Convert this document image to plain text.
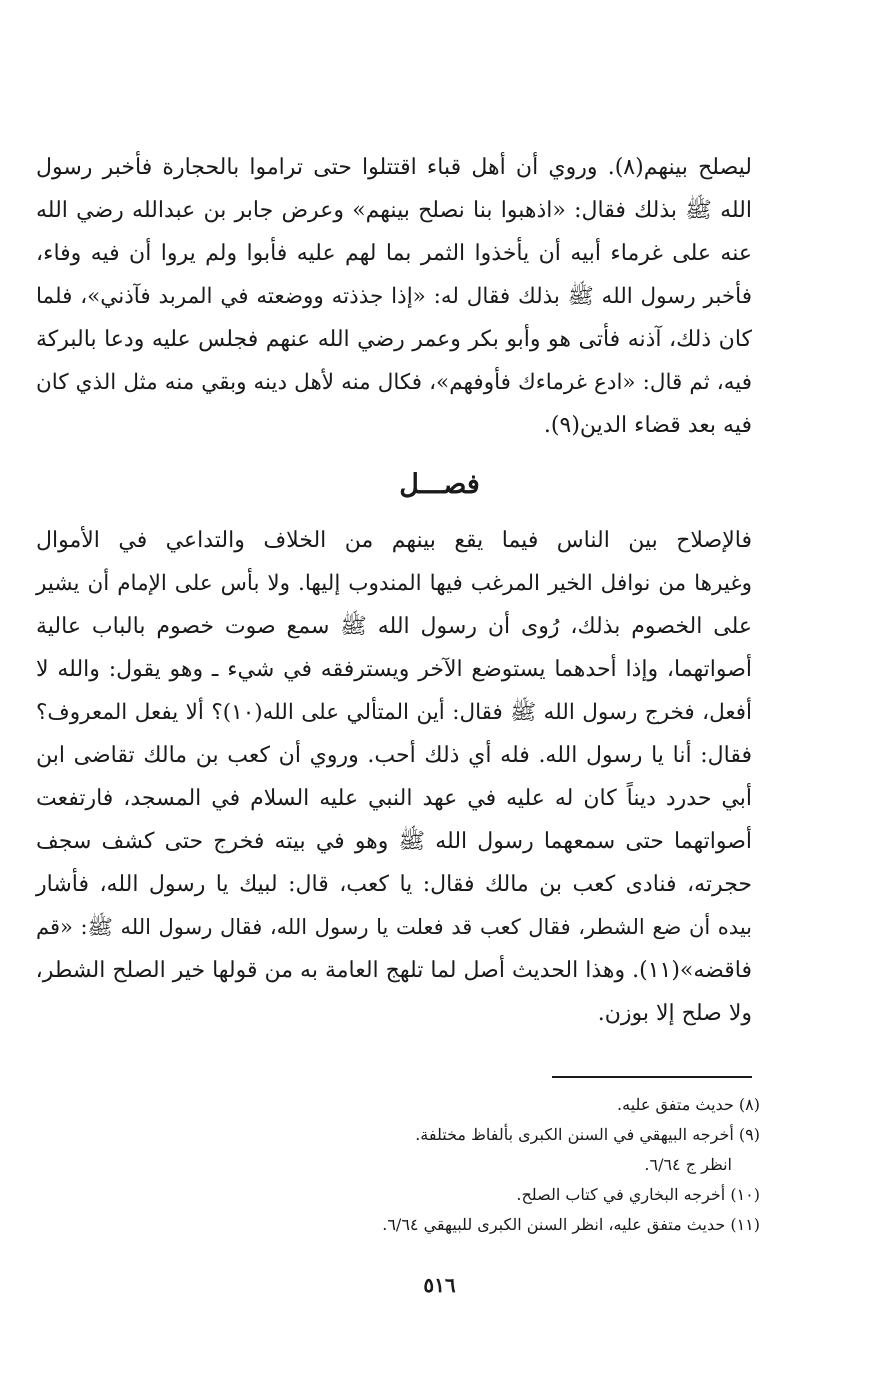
ليصلح بينهم(٨). وروي أن أهل قباء اقتتلوا حتى تراموا بالحجارة فأخبر رسول
الله ﷺ بذلك فقال: «اذهبوا بنا نصلح بينهم» وعرض جابر بن عبدالله رضي الله
عنه على غرماء أبيه أن يأخذوا الثمر بما لهم عليه فأبوا ولم يروا أن فيه وفاء،
فأخبر رسول الله ﷺ بذلك فقال له: «إذا جذذته ووضعته في المربد فآذني»، فلما
كان ذلك، آذنه فأتى هو وأبو بكر وعمر رضي الله عنهم فجلس عليه ودعا بالبركة
فيه، ثم قال: «ادع غرماءك فأوفهم»، فكال منه لأهل دينه وبقي منه مثل الذي كان
فيه بعد قضاء الدين(٩).
فصـــل
فالإصلاح بين الناس فيما يقع بينهم من الخلاف والتداعي في الأموال
وغيرها من نوافل الخير المرغب فيها المندوب إليها. ولا بأس على الإمام أن يشير
على الخصوم بذلك، رُوى أن رسول الله ﷺ سمع صوت خصوم بالباب عالية
أصواتهما، وإذا أحدهما يستوضع الآخر ويسترفقه في شيء ـ وهو يقول: والله لا
أفعل، فخرج رسول الله ﷺ فقال: أين المتألي على الله(١٠)؟ ألا يفعل المعروف؟
فقال: أنا يا رسول الله. فله أي ذلك أحب. وروي أن كعب بن مالك تقاضى ابن
أبي حدرد ديناً كان له عليه في عهد النبي عليه السلام في المسجد، فارتفعت
أصواتهما حتى سمعهما رسول الله ﷺ وهو في بيته فخرج حتى كشف سجف
حجرته، فنادى كعب بن مالك فقال: يا كعب، قال: لبيك يا رسول الله، فأشار
بيده أن ضع الشطر، فقال كعب قد فعلت يا رسول الله، فقال رسول الله ﷺ: «قم
فاقضه»(١١). وهذا الحديث أصل لما تلهج العامة به من قولها خير الصلح الشطر،
ولا صلح إلا بوزن.
(٨) حديث متفق عليه.
(٩) أخرجه البيهقي في السنن الكبرى بألفاظ مختلفة.
انظر ج ٦/٦٤.
(١٠) أخرجه البخاري في كتاب الصلح.
(١١) حديث متفق عليه، انظر السنن الكبرى للبيهقي ٦/٦٤.
٥١٦
